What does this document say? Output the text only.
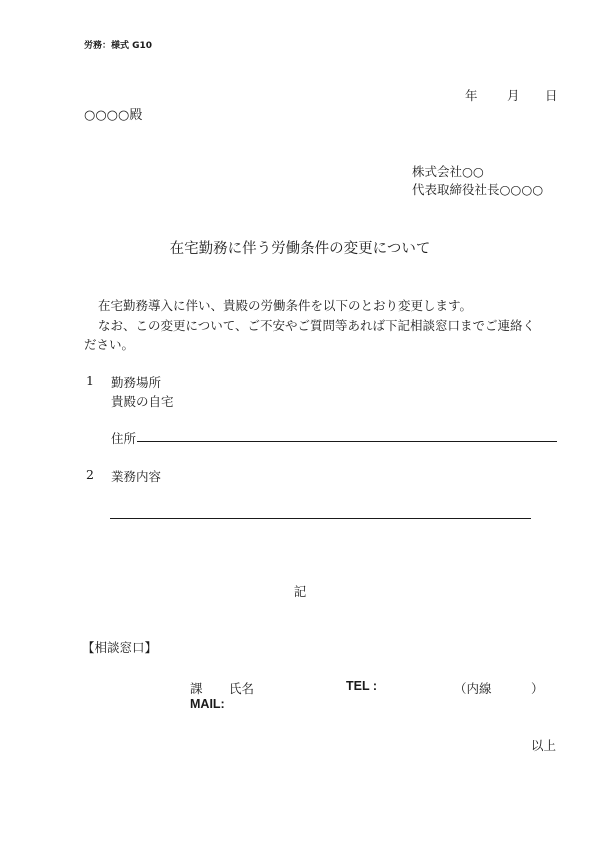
労務：様式 G10
年 月 日
○○○○殿
株式会社○○
代表取締役社長○○○○
在宅勤務に伴う労働条件の変更について
在宅勤務導入に伴い、貴殿の労働条件を以下のとおり変更します。
なお、この変更について、ご不安やご質問等あれば下記相談窓口までご連絡く
ださい。
1 勤務場所
貴殿の自宅
住所
2 業務内容
記
【相談窓口】
課 氏名	TEL :	（内線	）
MAIL:
以上
